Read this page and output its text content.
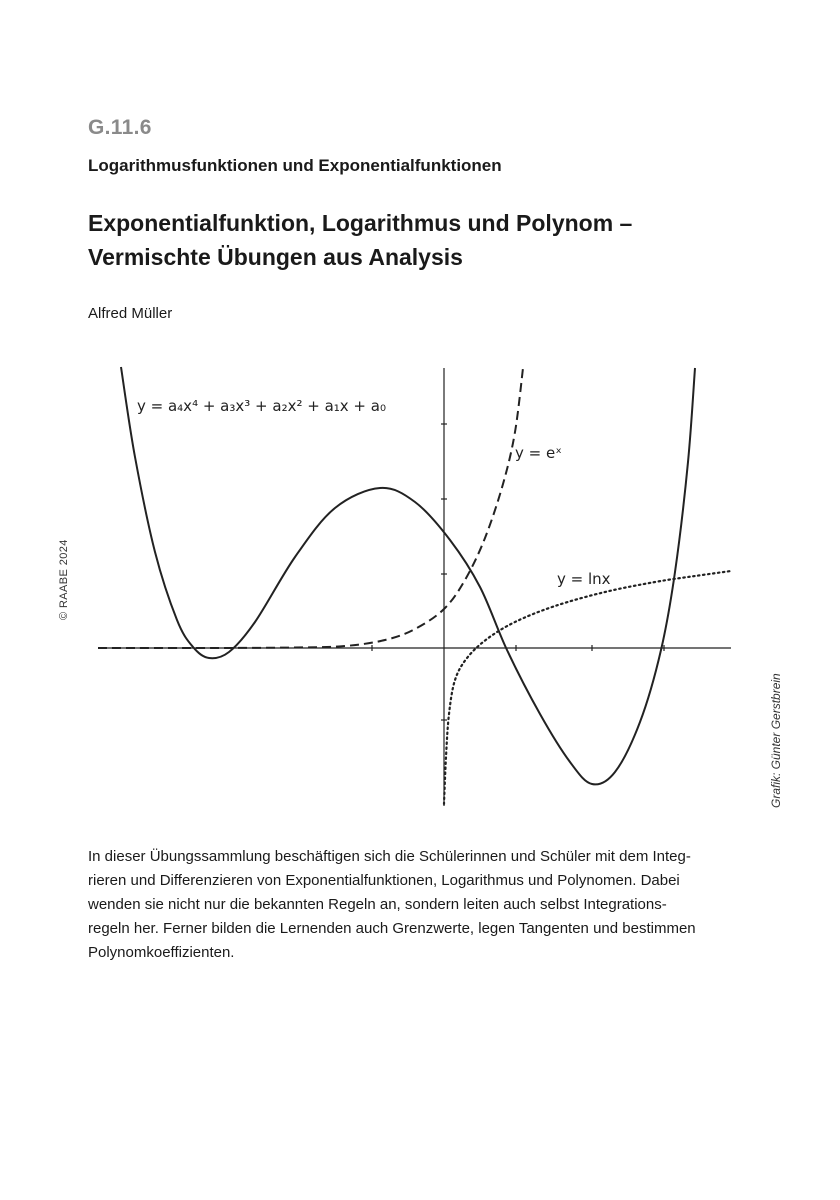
G.11.6
Logarithmusfunktionen und Exponentialfunktionen
Exponentialfunktion, Logarithmus und Polynom –
Vermischte Übungen aus Analysis
Alfred Müller
© RAABE 2024
Grafik: Günter Gerstbrein
y = a₄x⁴ + a₃x³ + a₂x² + a₁x + a₀
y = eˣ
y = lnx
In dieser Übungssammlung beschäftigen sich die Schülerinnen und Schüler mit dem Integ-
rieren und Differenzieren von Exponentialfunktionen, Logarithmus und Polynomen. Dabei
wenden sie nicht nur die bekannten Regeln an, sondern leiten auch selbst Integrations-
regeln her. Ferner bilden die Lernenden auch Grenzwerte, legen Tangenten und bestimmen
Polynomkoeffizienten.
